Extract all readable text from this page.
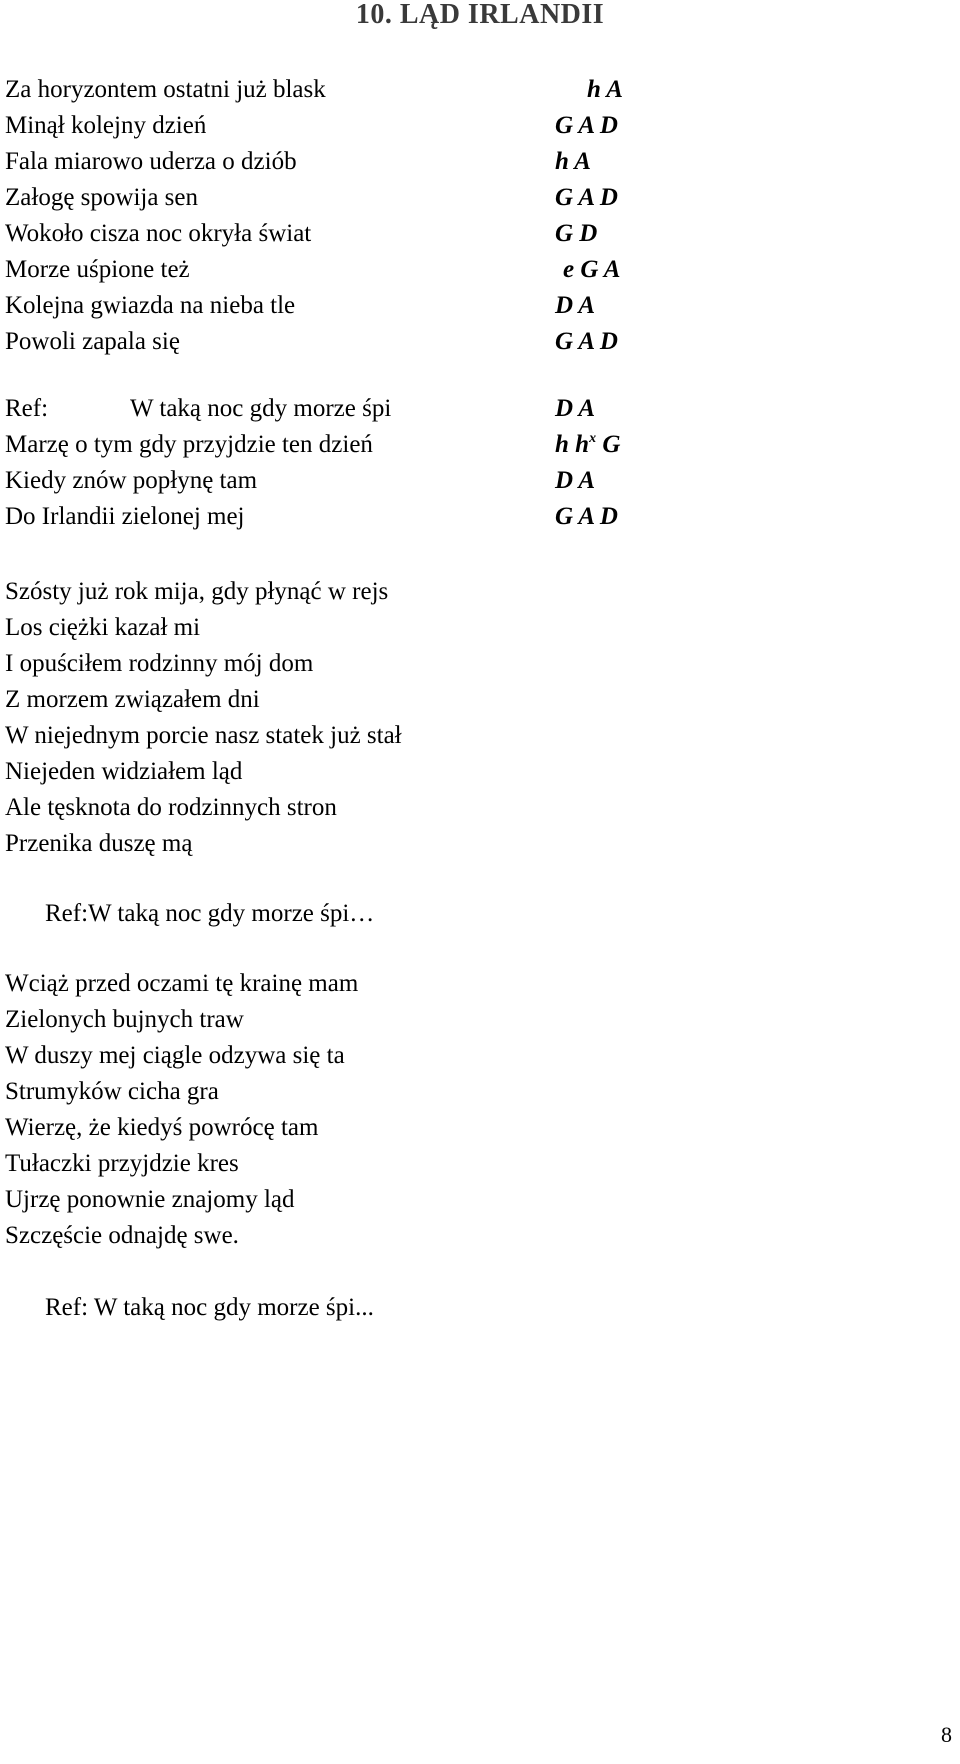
10. LĄD IRLANDII
Za horyzontem ostatni już blask	h A
Minął kolejny dzień	G A D
Fala miarowo uderza o dziób	h A
Załogę spowija sen	G A D
Wokoło cisza noc okryła świat	G D
Morze uśpione też	e G A
Kolejna gwiazda na nieba tle	D A
Powoli zapala się	G A D
Ref:	W taką noc gdy morze śpi	D A
Marzę o tym gdy przyjdzie ten dzień	h $h^x$ G
Kiedy znów popłynę tam	D A
Do Irlandii zielonej mej	G A D
Szósty już rok mija, gdy płynąć w rejs
Los ciężki kazał mi
I opuściłem rodzinny mój dom
Z morzem związałem dni
W niejednym porcie nasz statek już stał
Niejeden widziałem ląd
Ale tęsknota do rodzinnych stron
Przenika duszę mą
Ref:W taką noc gdy morze śpi…
Wciąż przed oczami tę krainę mam
Zielonych bujnych traw
W duszy mej ciągle odzywa się ta
Strumyków cicha gra
Wierzę, że kiedyś powrócę tam
Tułaczki przyjdzie kres
Ujrzę ponownie znajomy ląd
Szczęście odnajdę swe.
Ref: W taką noc gdy morze śpi...
8
